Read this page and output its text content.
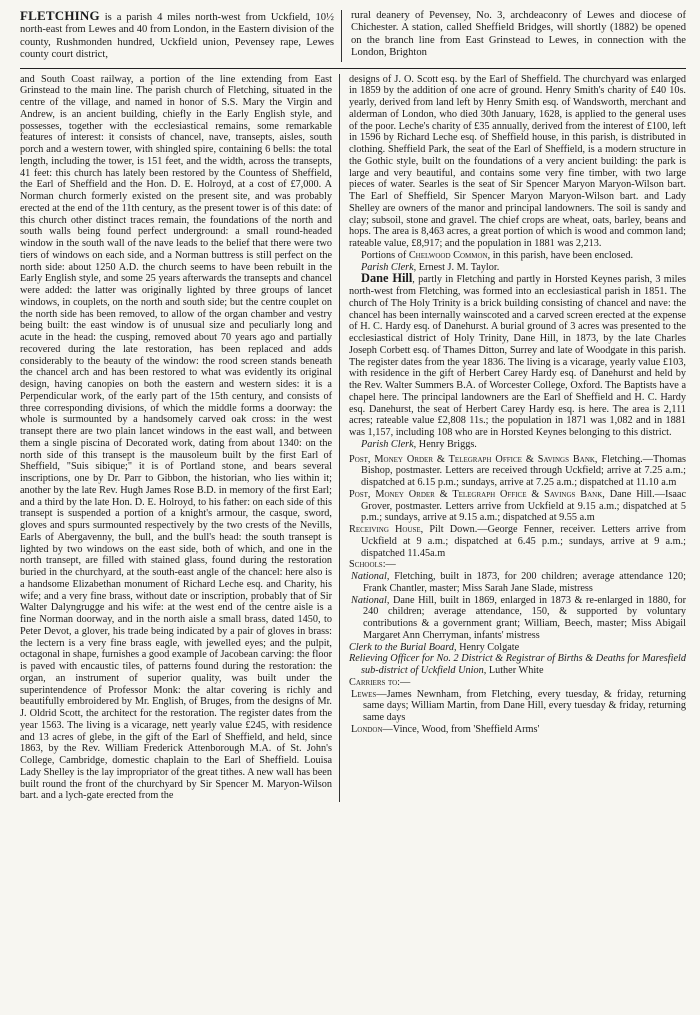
FLETCHING is a parish 4 miles north-west from Uckfield, 10½ north-east from Lewes and 40 from London, in the Eastern division of the county, Rushmonden hundred, Uckfield union, Pevensey rape, Lewes county court district,

rural deanery of Pevensey, No. 3, archdeaconry of Lewes and diocese of Chichester. A station, called Sheffield Bridges, will shortly (1882) be opened on the branch line from East Grinstead to Lewes, in connection with the London, Brighton

and South Coast railway, a portion of the line extending from East Grinstead to the main line. The parish church of Fletching, situated in the centre of the village, and named in honor of S.S. Mary the Virgin and Andrew, is an ancient building, chiefly in the Early English style, and possesses, together with the ecclesiastical remains, some remarkable features of interest: it consists of chancel, nave, transepts, aisles, south porch and a western tower, with shingled spire, containing 6 bells: the total length, including the tower, is 151 feet, and the width, across the transepts, 41 feet: this church has lately been restored by the Countess of Sheffield, the Earl of Sheffield and the Hon. D. E. Holroyd, at a cost of £7,000. A Norman church formerly existed on the present site, and was probably erected at the end of the 11th century, as the present tower is of this date: of this church other distinct traces remain, the foundations of the north and south walls being found perfect underground: a small round-headed window in the south wall of the nave leads to the belief that there were two tiers of windows on each side, and a Norman buttress is still perfect on the north side: about 1250 A.D. the church seems to have been rebuilt in the Early English style, and some 25 years afterwards the transepts and chancel were added: the latter was originally lighted by three groups of lancet windows, in couplets, on the north and south side; but the centre couplet on the north side has been removed, to allow of the organ chamber and vestry being built: the east window is of unusual size and peculiarly long and acute in the head: the cusping, removed about 70 years ago and partially recovered during the late restoration, has been replaced and adds considerably to the beauty of the window: the rood screen stands beneath the chancel arch and has been restored to what was evidently its original design, having canopies on both the eastern and western sides: it is a Perpendicular work, of the early part of the 15th century, and consists of three corresponding divisions, of which the middle forms a doorway: the whole is surmounted by a handsomely carved oak cross: in the west transept there are two plain lancet windows in the east wall, and between them a single piscina of Decorated work, dating from about 1340: on the north side of this transept is the mausoleum built by the first Earl of Sheffield, "Suis sibique;" it is of Portland stone, and bears several inscriptions, one by Dr. Parr to Gibbon, the historian, who lies within it; another by the late Rev. Hugh James Rose B.D. in memory of the first Earl; and a third by the late Hon. D. E. Holroyd, to his father: on each side of this transept is suspended a portion of a knight's armour, the casque, sword, gloves and spurs surmounted respectively by the two crests of the Nevills, Earls of Abergavenny, the bull, and the bull's head: the south transept is lighted by two windows on the east side, both of which, and one in the north transept, are filled with stained glass, found during the restoration buried in the churchyard, at the south-east angle of the chancel: here also is a handsome Elizabethan monument of Richard Leche esq. and Charity, his wife; and a very fine brass, without date or inscription, probably that of Sir Walter Dalyngrugge and his wife: at the west end of the centre aisle is a fine Norman doorway, and in the north aisle a small brass, dated 1450, to Peter Devot, a glover, his trade being indicated by a pair of gloves in brass: the lectern is a very fine brass eagle, with jewelled eyes; and the pulpit, octagonal in shape, furnishes a good example of Jacobean carving: the floor is paved with encaustic tiles, of patterns found during the restoration: the organ, an instrument of superior quality, was built under the superintendence of Professor Monk: the altar covering is richly and beautifully embroidered by Mr. English, of Bruges, from the designs of Mr. J. Oldrid Scott, the architect for the restoration. The register dates from the year 1563. The living is a vicarage, nett yearly value £245, with residence and 13 acres of glebe, in the gift of the Earl of Sheffield, and held, since 1863, by the Rev. William Frederick Attenborough M.A. of St. John's College, Cambridge, domestic chaplain to the Earl of Sheffield. Louisa Lady Shelley is the lay impropriator of the great tithes. A new wall has been built round the front of the churchyard by Sir Spencer M. Maryon-Wilson bart. and a lych-gate erected from the

designs of J. O. Scott esq. by the Earl of Sheffield. The churchyard was enlarged in 1859 by the addition of one acre of ground. Henry Smith's charity of £40 10s. yearly, derived from land left by Henry Smith esq. of Wandsworth, merchant and alderman of London, who died 30th January, 1628, is applied to the general uses of the poor. Leche's charity of £35 annually, derived from the interest of £100, left in 1596 by Richard Leche esq. of Sheffield house, in this parish, is distributed in clothing. Sheffield Park, the seat of the Earl of Sheffield, is a modern structure in the Gothic style, built on the foundations of a very ancient building: the park is large and very beautiful, and contains some very fine timber, with two large pieces of water. Searles is the seat of Sir Spencer Maryon Maryon-Wilson bart. The Earl of Sheffield, Sir Spencer Maryon Maryon-Wilson bart. and Lady Shelley are owners of the manor and principal landowners. The soil is sandy and clay; subsoil, stone and gravel. The chief crops are wheat, oats, barley, beans and hops. The area is 8,463 acres, a great portion of which is wood and common land; rateable value, £8,917; and the population in 1881 was 2,213.

Portions of Chelwood Common, in this parish, have been enclosed.

Parish Clerk, Ernest J. M. Taylor.

Dane Hill, partly in Fletching and partly in Horsted Keynes parish, 3 miles north-west from Fletching, was formed into an ecclesiastical parish in 1851. The church of The Holy Trinity is a brick building consisting of chancel and nave: the chancel has been internally wainscoted and a carved screen erected at the expense of H. C. Hardy esq. of Danehurst. A burial ground of 3 acres was presented to the ecclesiastical district of Holy Trinity, Dane Hill, in 1873, by the late Charles Joseph Corbett esq. of Thames Ditton, Surrey and late of Woodgate in this parish. The register dates from the year 1836. The living is a vicarage, yearly value £103, with residence in the gift of Herbert Carey Hardy esq. of Danehurst and held by the Rev. Walter Summers B.A. of Worcester College, Oxford. The Baptists have a chapel here. The principal landowners are the Earl of Sheffield and H. C. Hardy esq. Danehurst, the seat of Herbert Carey Hardy esq. is here. The area is 2,111 acres; rateable value £2,808 11s.; the population in 1871 was 1,082 and in 1881 was 1,157, including 108 who are in Horsted Keynes belonging to this district.

Parish Clerk, Henry Briggs.

Post, Money Order & Telegraph Office & Savings Bank, Fletching.—Thomas Bishop, postmaster. Letters are received through Uckfield; arrive at 7.25 a.m.; dispatched at 6.15 p.m.; sundays, arrive at 7.25 a.m.; dispatched at 11.10 a.m

Post, Money Order & Telegraph Office & Savings Bank, Dane Hill.—Isaac Grover, postmaster. Letters arrive from Uckfield at 9.15 a.m.; dispatched at 5 p.m.; sundays, arrive at 9.15 a.m.; dispatched at 9.55 a.m

Receiving House, Pilt Down.—George Fenner, receiver. Letters arrive from Uckfield at 9 a.m.; dispatched at 6.45 p.m.; sundays, arrive at 9 a.m.; dispatched 11.45a.m

Schools:—

National, Fletching, built in 1873, for 200 children; average attendance 120; Frank Chantler, master; Miss Sarah Jane Slade, mistress

National, Dane Hill, built in 1869, enlarged in 1873 & re-enlarged in 1880, for 240 children; average attendance, 150, & supported by voluntary contributions & a government grant; William, Beech, master; Miss Abigail Margaret Ann Cherryman, infants' mistress

Clerk to the Burial Board, Henry Colgate

Relieving Officer for No. 2 District & Registrar of Births & Deaths for Maresfield sub-district of Uckfield Union, Luther White

Carriers to:—

Lewes—James Newnham, from Fletching, every tuesday, & friday, returning same days; William Martin, from Dane Hill, every tuesday & friday, returning same days

London—Vince, Wood, from 'Sheffield Arms'
